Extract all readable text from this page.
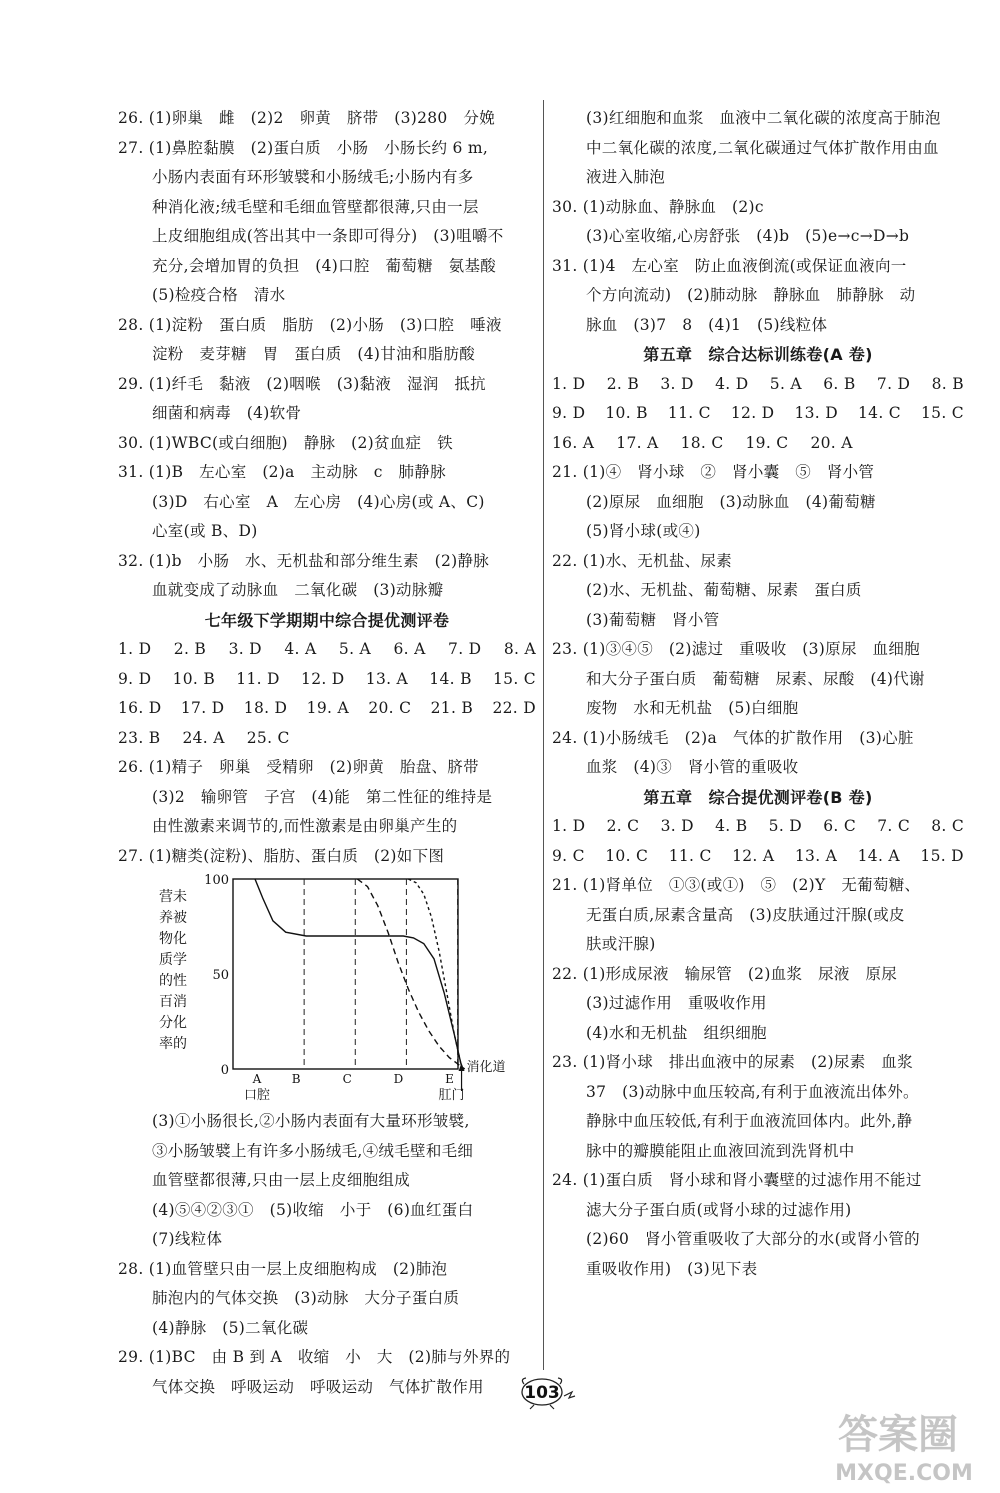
26. (1)卵巢　雌　(2)2　卵黄　脐带　(3)280　分娩
27. (1)鼻腔黏膜　(2)蛋白质　小肠　小肠长约 6 m,
小肠内表面有环形皱襞和小肠绒毛;小肠内有多
种消化液;绒毛壁和毛细血管壁都很薄,只由一层
上皮细胞组成(答出其中一条即可得分)　(3)咀嚼不
充分,会增加胃的负担　(4)口腔　葡萄糖　氨基酸
(5)检疫合格　清水
28. (1)淀粉　蛋白质　脂肪　(2)小肠　(3)口腔　唾液
淀粉　麦芽糖　胃　蛋白质　(4)甘油和脂肪酸
29. (1)纤毛　黏液　(2)咽喉　(3)黏液　湿润　抵抗
细菌和病毒　(4)软骨
30. (1)WBC(或白细胞)　静脉　(2)贫血症　铁
31. (1)B　左心室　(2)a　主动脉　c　肺静脉
(3)D　右心室　A　左心房　(4)心房(或 A、C)
心室(或 B、D)
32. (1)b　小肠　水、无机盐和部分维生素　(2)静脉
血就变成了动脉血　二氧化碳　(3)动脉瓣
七年级下学期期中综合提优测评卷
1. D 2. B 3. D 4. A 5. A 6. A 7. D 8. A
9. D 10. B 11. D 12. D 13. A 14. B 15. C
16. D 17. D 18. D 19. A 20. C 21. B 22. D
23. B 24. A 25. C
26. (1)精子　卵巢　受精卵　(2)卵黄　胎盘、脐带
(3)2　输卵管　子宫　(4)能　第二性征的维持是
由性激素来调节的,而性激素是由卵巢产生的
27. (1)糖类(淀粉)、脂肪、蛋白质　(2)如下图
0
50
100
营未
养被
物化
质学
的性
百消
分化
率的
A	B	C	D	E
口腔	肛门
消化道
(3)①小肠很长,②小肠内表面有大量环形皱襞,
③小肠皱襞上有许多小肠绒毛,④绒毛壁和毛细
血管壁都很薄,只由一层上皮细胞组成
(4)⑤④②③①　(5)收缩　小于　(6)血红蛋白
(7)线粒体
28. (1)血管壁只由一层上皮细胞构成　(2)肺泡
肺泡内的气体交换　(3)动脉　大分子蛋白质
(4)静脉　(5)二氧化碳
29. (1)BC　由 B 到 A　收缩　小　大　(2)肺与外界的
气体交换　呼吸运动　呼吸运动　气体扩散作用
(3)红细胞和血浆　血液中二氧化碳的浓度高于肺泡
中二氧化碳的浓度,二氧化碳通过气体扩散作用由血
液进入肺泡
30. (1)动脉血、静脉血　(2)c
(3)心室收缩,心房舒张　(4)b　(5)e→c→D→b
31. (1)4　左心室　防止血液倒流(或保证血液向一
个方向流动)　(2)肺动脉　静脉血　肺静脉　动
脉血　(3)7　8　(4)1　(5)线粒体
第五章　综合达标训练卷(A 卷)
1. D 2. B 3. D 4. D 5. A 6. B 7. D 8. B
9. D 10. B 11. C 12. D 13. D 14. C 15. C
16. A 17. A 18. C 19. C 20. A
21. (1)④　肾小球　②　肾小囊　⑤　肾小管
(2)原尿　血细胞　(3)动脉血　(4)葡萄糖
(5)肾小球(或④)
22. (1)水、无机盐、尿素
(2)水、无机盐、葡萄糖、尿素　蛋白质
(3)葡萄糖　肾小管
23. (1)③④⑤　(2)滤过　重吸收　(3)原尿　血细胞
和大分子蛋白质　葡萄糖　尿素、尿酸　(4)代谢
废物　水和无机盐　(5)白细胞
24. (1)小肠绒毛　(2)a　气体的扩散作用　(3)心脏
血浆　(4)③　肾小管的重吸收
第五章　综合提优测评卷(B 卷)
1. D 2. C 3. D 4. B 5. D 6. C 7. C 8. C
9. C 10. C 11. C 12. A 13. A 14. A 15. D
21. (1)肾单位　①③(或①)　⑤　(2)Y　无葡萄糖、
无蛋白质,尿素含量高　(3)皮肤通过汗腺(或皮
肤或汗腺)
22. (1)形成尿液　输尿管　(2)血浆　尿液　原尿
(3)过滤作用　重吸收作用
(4)水和无机盐　组织细胞
23. (1)肾小球　排出血液中的尿素　(2)尿素　血浆
37　(3)动脉中血压较高,有利于血液流出体外。
静脉中血压较低,有利于血液流回体内。此外,静
脉中的瓣膜能阻止血液回流到洗肾机中
24. (1)蛋白质　肾小球和肾小囊壁的过滤作用不能过
滤大分子蛋白质(或肾小球的过滤作用)
(2)60　肾小管重吸收了大部分的水(或肾小管的
重吸收作用)　(3)见下表
103
答案圈
MXQE.COM
